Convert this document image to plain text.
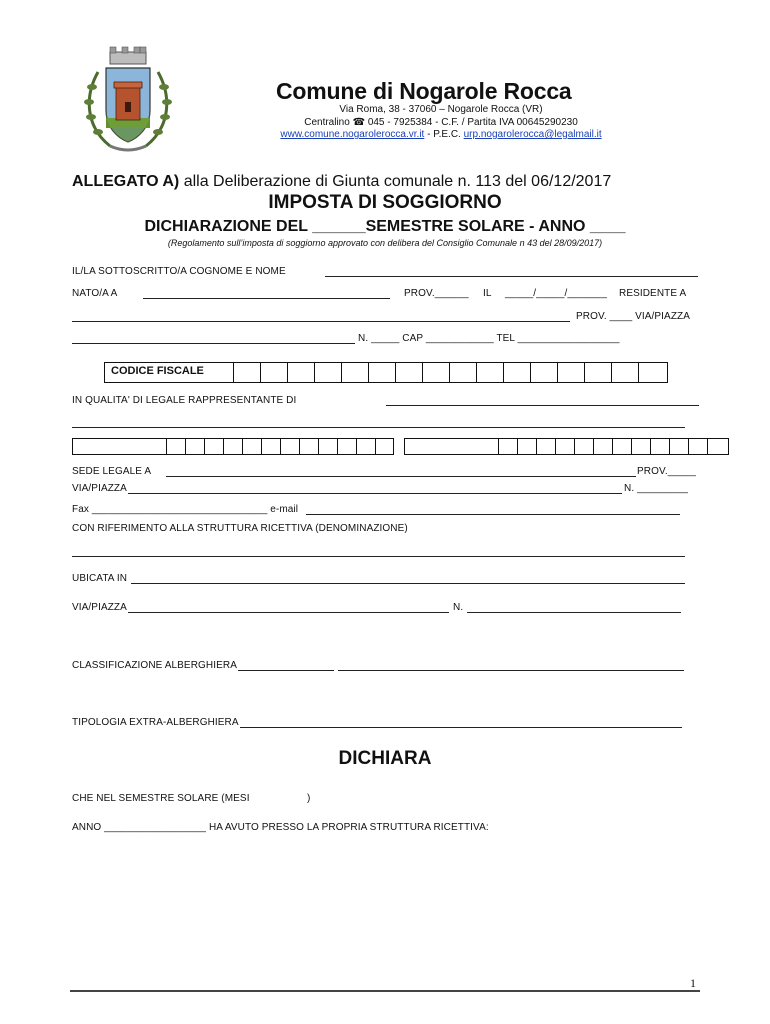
Comune di Nogarole Rocca
Via Roma, 38 - 37060 – Nogarole Rocca (VR)
Centralino ☎ 045 - 7925384 - C.F. / Partita IVA 00645290230
www.comune.nogarolerocca.vr.it - P.E.C. urp.nogarolerocca@legalmail.it
ALLEGATO A) alla Deliberazione di Giunta comunale n. 113 del 06/12/2017
IMPOSTA DI SOGGIORNO
DICHIARAZIONE DEL ______SEMESTRE SOLARE - ANNO ____
(Regolamento sull’imposta di soggiorno approvato con delibera del Consiglio Comunale n 43 del 28/09/2017)
IL/LA SOTTOSCRITTO/A COGNOME E NOME
NATO/A A	PROV.______ IL _____/_____/_______ RESIDENTE A
PROV. ____ VIA/PIAZZA
N. _____ CAP ____________ TEL __________________
CODICE FISCALE
IN QUALITA' DI LEGALE RAPPRESENTANTE DI
SEDE LEGALE A	PROV._____
VIA/PIAZZA	N. _________
Fax _______________________________ e-mail
CON RIFERIMENTO ALLA STRUTTURA RICETTIVA (DENOMINAZIONE)
UBICATA IN
VIA/PIAZZA	N.
CLASSIFICAZIONE ALBERGHIERA
TIPOLOGIA EXTRA-ALBERGHIERA
DICHIARA
CHE NEL SEMESTRE SOLARE (MESI	)
ANNO __________________ HA AVUTO PRESSO LA PROPRIA STRUTTURA RICETTIVA:
1
